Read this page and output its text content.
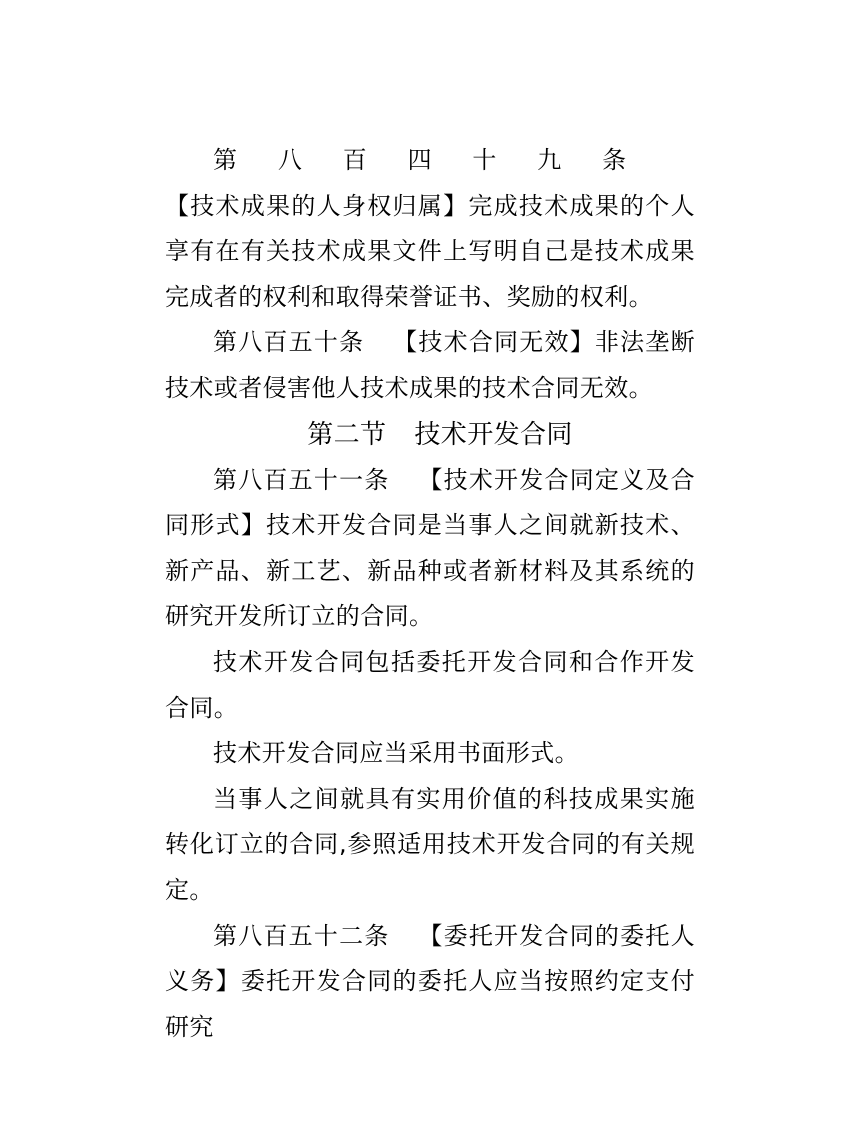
第八百四十九条【技术成果的人身权归属】完成技术成果的个人享有在有关技术成果文件上写明自己是技术成果完成者的权利和取得荣誉证书、奖励的权利。

第八百五十条 【技术合同无效】非法垄断技术或者侵害他人技术成果的技术合同无效。

第二节 技术开发合同

第八百五十一条 【技术开发合同定义及合同形式】技术开发合同是当事人之间就新技术、新产品、新工艺、新品种或者新材料及其系统的研究开发所订立的合同。

技术开发合同包括委托开发合同和合作开发合同。

技术开发合同应当采用书面形式。

当事人之间就具有实用价值的科技成果实施转化订立的合同,参照适用技术开发合同的有关规定。

第八百五十二条 【委托开发合同的委托人义务】委托开发合同的委托人应当按照约定支付研究
